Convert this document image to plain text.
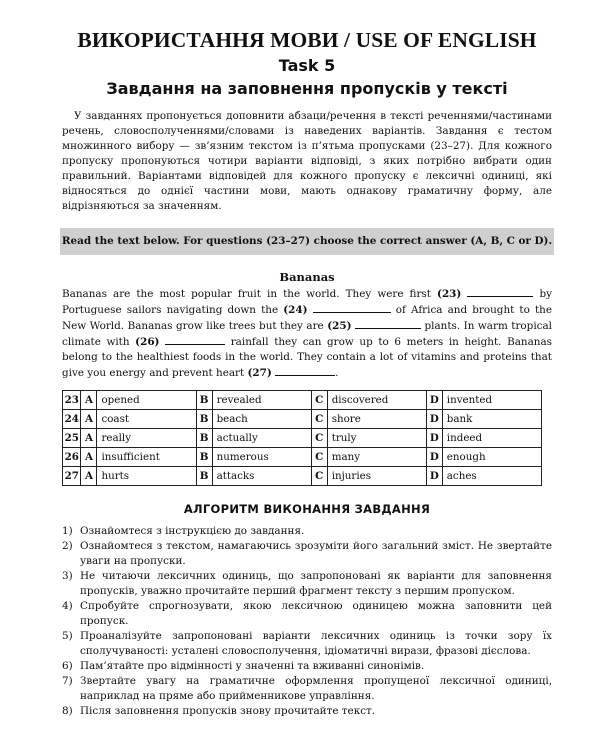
ВИКОРИСТАННЯ МОВИ / USE OF ENGLISH
Task 5
Завдання на заповнення пропусків у тексті
У завданнях пропонується доповнити абзаци/речення в тексті реченнями/частинами речень, словосполученнями/словами із наведених варіантів. Завдання є тестом множинного вибору — зв’язним текстом із п’ятьма пропусками (23–27). Для кожного пропуску пропонуються чотири варіанти відповіді, з яких потрібно вибрати один правильний. Варіантами відповідей для кожного пропуску є лексичні одиниці, які відносяться до однієї частини мови, мають однакову граматичну форму, але відрізняються за значенням.
Read the text below. For questions (23–27) choose the correct answer (A, B, C or D).
Bananas
Bananas are the most popular fruit in the world. They were first (23)	by Portuguese sailors navigating down the (24)	of Africa and brought to the New World. Bananas grow like trees but they are (25)	plants. In warm tropical climate with (26)	rainfall they can grow up to 6 meters in height. Bananas belong to the healthiest foods in the world. They contain a lot of vitamins and proteins that give you energy and prevent heart (27)	.
23	A	opened	B	revealed	C	discovered	D	invented
24	A	coast	B	beach	C	shore	D	bank
25	A	really	B	actually	C	truly	D	indeed
26	A	insufficient	B	numerous	C	many	D	enough
27	A	hurts	B	attacks	C	injuries	D	aches
АЛГОРИТМ ВИКОНАННЯ ЗАВДАННЯ
1) Ознайомтеся з інструкцією до завдання.
2) Ознайомтеся з текстом, намагаючись зрозуміти його загальний зміст. Не звертайте уваги на пропуски.
3) Не читаючи лексичних одиниць, що запропоновані як варіанти для заповнення пропусків, уважно прочитайте перший фрагмент тексту з першим пропуском.
4) Спробуйте спрогнозувати, якою лексичною одиницею можна заповнити цей пропуск.
5) Проаналізуйте запропоновані варіанти лексичних одиниць із точки зору їх сполучуваності: усталені словосполучення, ідіоматичні вирази, фразові дієслова.
6) Пам’ятайте про відмінності у значенні та вживанні синонімів.
7) Звертайте увагу на граматичне оформлення пропущеної лексичної одиниці, наприклад на пряме або прийменникове управління.
8) Після заповнення пропусків знову прочитайте текст.
